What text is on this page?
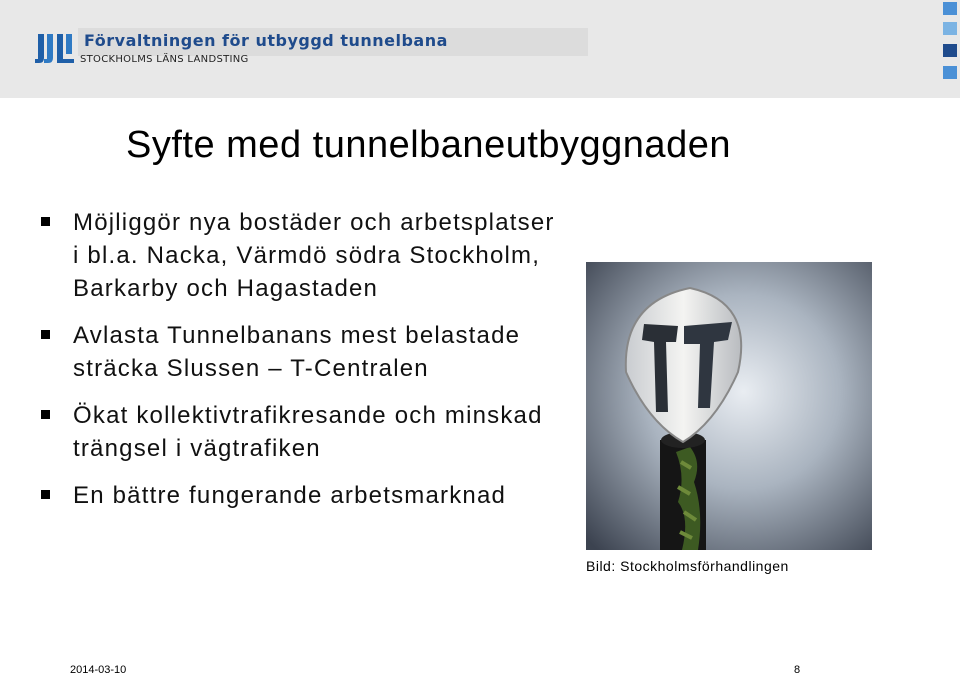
Förvaltningen för utbyggd tunnelbana
STOCKHOLMS LÄNS LANDSTING
Syfte med tunnelbaneutbyggnaden
Möjliggör nya bostäder och arbetsplatser i bl.a. Nacka, Värmdö södra Stockholm, Barkarby och Hagastaden
Avlasta Tunnelbanans mest belastade sträcka Slussen – T-Centralen
Ökat kollektivtrafikresande och minskad trängsel i vägtrafiken
En bättre fungerande arbetsmarknad
Bild: Stockholmsförhandlingen
2014-03-10	8
